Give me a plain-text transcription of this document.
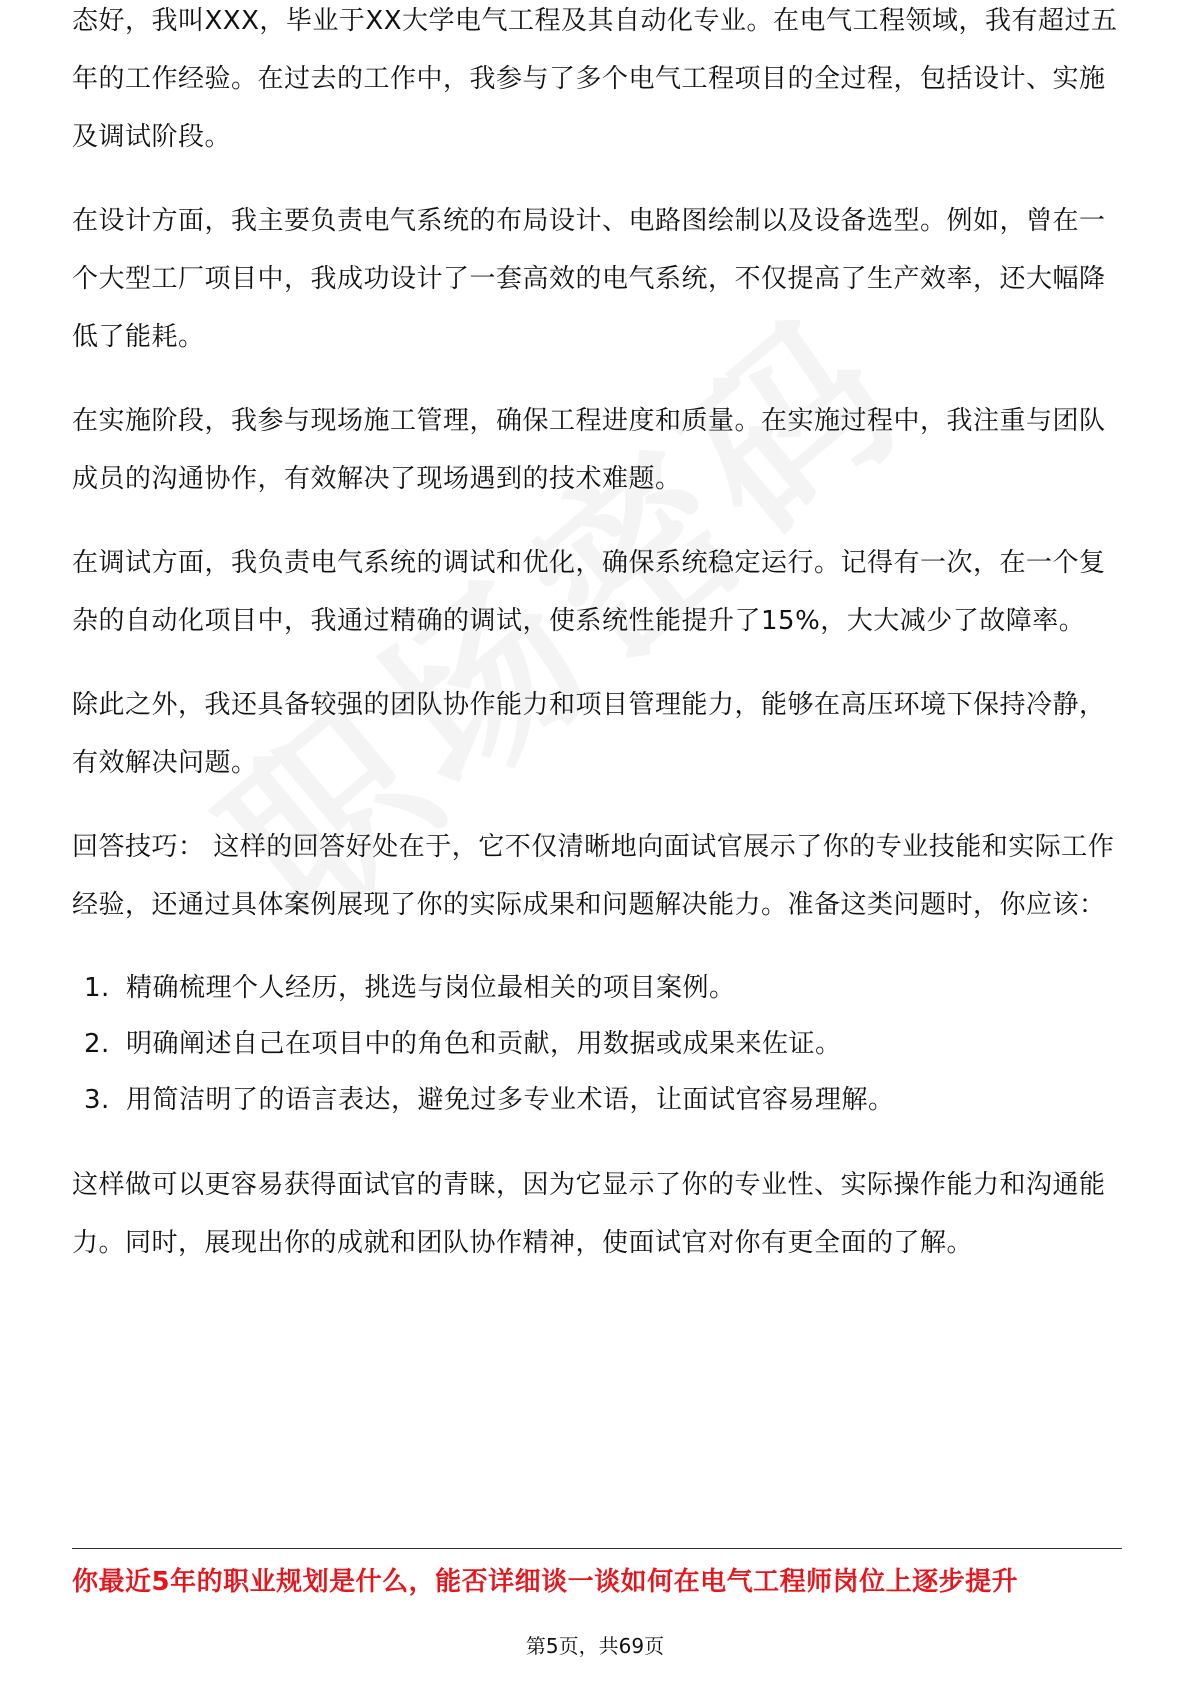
态好，我叫XXX，毕业于XX大学电气工程及其自动化专业。在电气工程领域，我有超过五年的工作经验。在过去的工作中，我参与了多个电气工程项目的全过程，包括设计、实施及调试阶段。

在设计方面，我主要负责电气系统的布局设计、电路图绘制以及设备选型。例如，曾在一个大型工厂项目中，我成功设计了一套高效的电气系统，不仅提高了生产效率，还大幅降低了能耗。

在实施阶段，我参与现场施工管理，确保工程进度和质量。在实施过程中，我注重与团队成员的沟通协作，有效解决了现场遇到的技术难题。

在调试方面，我负责电气系统的调试和优化，确保系统稳定运行。记得有一次，在一个复杂的自动化项目中，我通过精确的调试，使系统性能提升了15%，大大减少了故障率。

除此之外，我还具备较强的团队协作能力和项目管理能力，能够在高压环境下保持冷静，有效解决问题。

回答技巧： 这样的回答好处在于，它不仅清晰地向面试官展示了你的专业技能和实际工作经验，还通过具体案例展现了你的实际成果和问题解决能力。准备这类问题时，你应该：

1. 精确梳理个人经历，挑选与岗位最相关的项目案例。
2. 明确阐述自己在项目中的角色和贡献，用数据或成果来佐证。
3. 用简洁明了的语言表达，避免过多专业术语，让面试官容易理解。

这样做可以更容易获得面试官的青睐，因为它显示了你的专业性、实际操作能力和沟通能力。同时，展现出你的成就和团队协作精神，使面试官对你有更全面的了解。

你最近5年的职业规划是什么，能否详细谈一谈如何在电气工程师岗位上逐步提升
第5页，共69页
